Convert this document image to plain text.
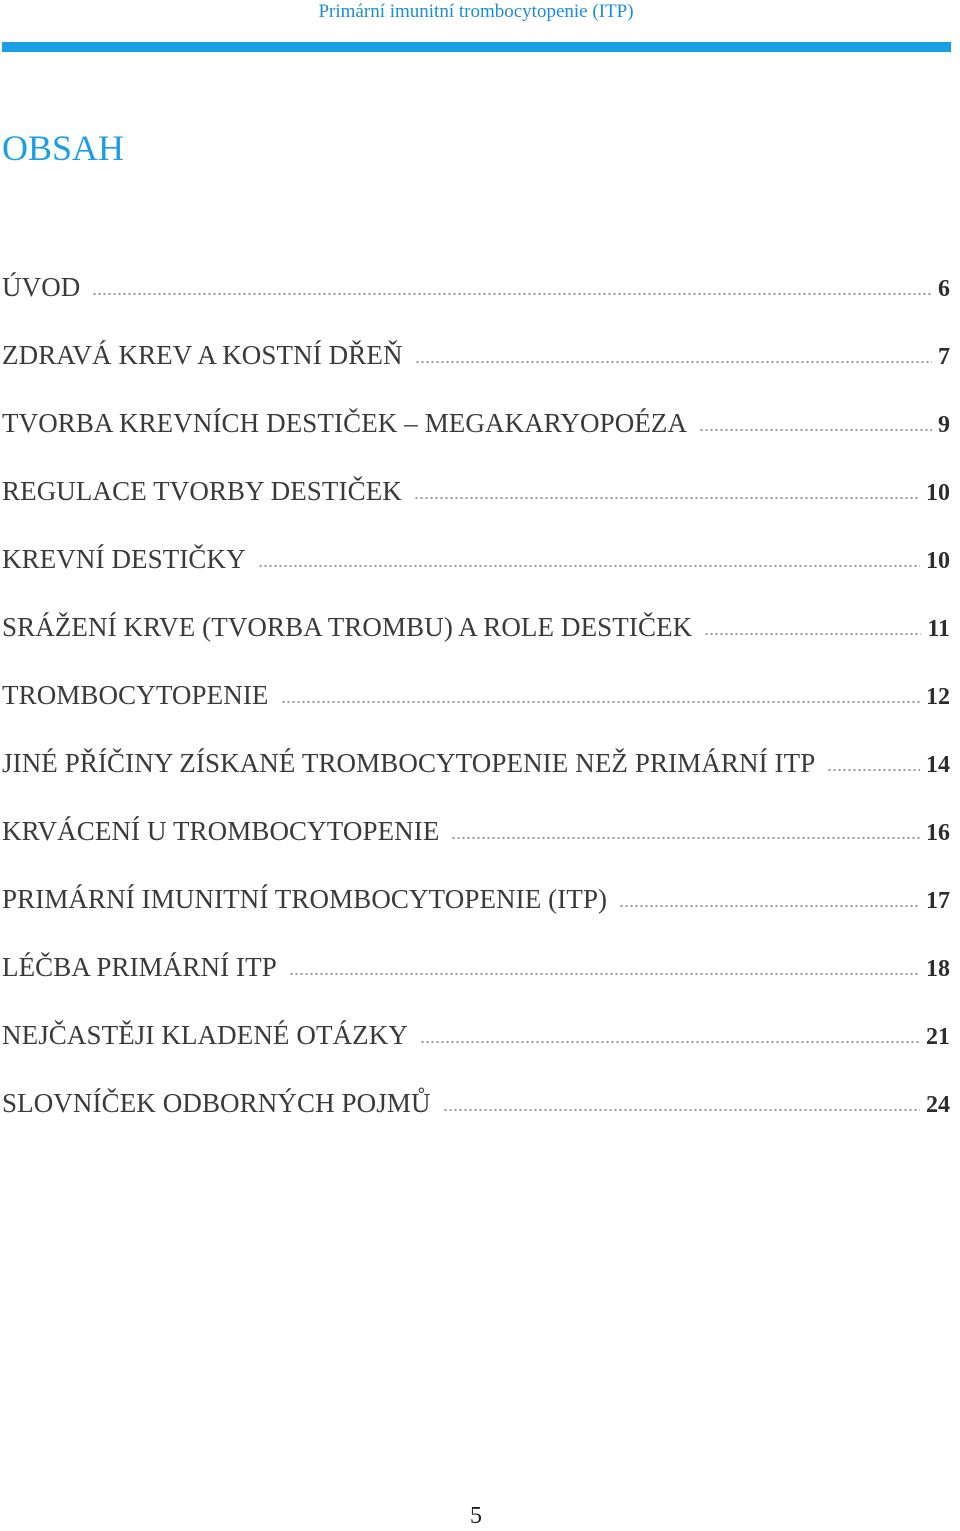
Primární imunitní trombocytopenie (ITP)
OBSAH
ÚVOD	6
ZDRAVÁ KREV A KOSTNÍ DŘEŇ	7
TVORBA KREVNÍCH DESTIČEK – MEGAKARYOPOÉZA	9
REGULACE TVORBY DESTIČEK	10
KREVNÍ DESTIČKY	10
SRÁŽENÍ KRVE (TVORBA TROMBU) A ROLE DESTIČEK	11
TROMBOCYTOPENIE	12
JINÉ PŘÍČINY ZÍSKANÉ TROMBOCYTOPENIE NEŽ PRIMÁRNÍ ITP	14
KRVÁCENÍ U TROMBOCYTOPENIE	16
PRIMÁRNÍ IMUNITNÍ TROMBOCYTOPENIE (ITP)	17
LÉČBA PRIMÁRNÍ ITP	18
NEJČASTĚJI KLADENÉ OTÁZKY	21
SLOVNÍČEK ODBORNÝCH POJMŮ	24
5
